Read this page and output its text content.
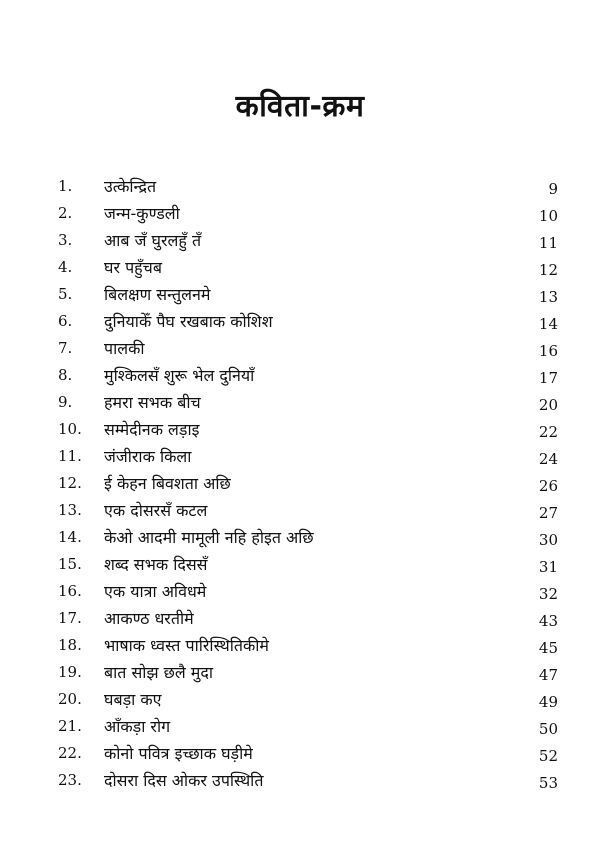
कविता-क्रम
1. उत्केन्द्रित	9
2. जन्म-कुण्डली	10
3. आब जँ घुरलहुँ तँ	11
4. घर पहुँचब	12
5. बिलक्षण सन्तुलनमे	13
6. दुनियाकेँ पैघ रखबाक कोशिश	14
7. पालकी	16
8. मुश्किलसँ शुरू भेल दुनियाँ	17
9. हमरा सभक बीच	20
10. सम्मेदीनक लड़ाइ	22
11. जंजीराक किला	24
12. ई केहन बिवशता अछि	26
13. एक दोसरसँ कटल	27
14. केओ आदमी मामूली नहि होइत अछि	30
15. शब्द सभक दिससँ	31
16. एक यात्रा अविधमे	32
17. आकण्ठ धरतीमे	43
18. भाषाक ध्वस्त पारिस्थितिकीमे	45
19. बात सोझ छलै मुदा	47
20. घबड़ा कए	49
21. आँकड़ा रोग	50
22. कोनो पवित्र इच्छाक घड़ीमे	52
23. दोसरा दिस ओकर उपस्थिति	53
